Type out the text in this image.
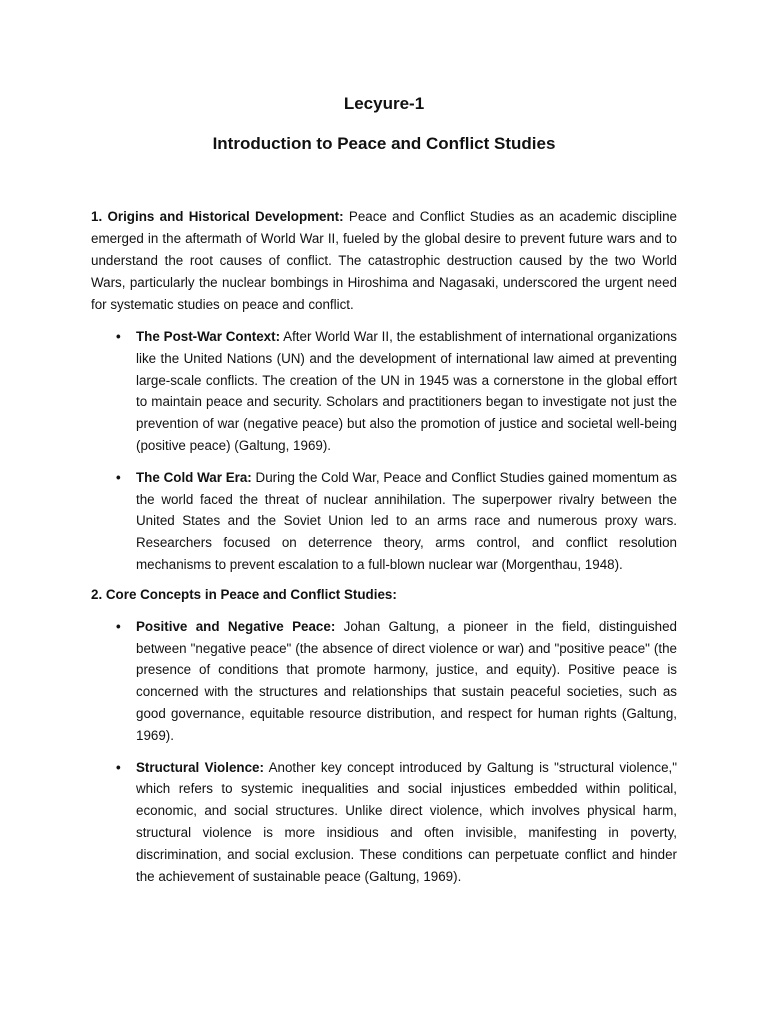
Lecyure-1
Introduction to Peace and Conflict Studies

1. Origins and Historical Development: Peace and Conflict Studies as an academic discipline emerged in the aftermath of World War II, fueled by the global desire to prevent future wars and to understand the root causes of conflict. The catastrophic destruction caused by the two World Wars, particularly the nuclear bombings in Hiroshima and Nagasaki, underscored the urgent need for systematic studies on peace and conflict.

• The Post-War Context: After World War II, the establishment of international organizations like the United Nations (UN) and the development of international law aimed at preventing large-scale conflicts. The creation of the UN in 1945 was a cornerstone in the global effort to maintain peace and security. Scholars and practitioners began to investigate not just the prevention of war (negative peace) but also the promotion of justice and societal well-being (positive peace) (Galtung, 1969).
• The Cold War Era: During the Cold War, Peace and Conflict Studies gained momentum as the world faced the threat of nuclear annihilation. The superpower rivalry between the United States and the Soviet Union led to an arms race and numerous proxy wars. Researchers focused on deterrence theory, arms control, and conflict resolution mechanisms to prevent escalation to a full-blown nuclear war (Morgenthau, 1948).

2. Core Concepts in Peace and Conflict Studies:

• Positive and Negative Peace: Johan Galtung, a pioneer in the field, distinguished between "negative peace" (the absence of direct violence or war) and "positive peace" (the presence of conditions that promote harmony, justice, and equity). Positive peace is concerned with the structures and relationships that sustain peaceful societies, such as good governance, equitable resource distribution, and respect for human rights (Galtung, 1969).
• Structural Violence: Another key concept introduced by Galtung is "structural violence," which refers to systemic inequalities and social injustices embedded within political, economic, and social structures. Unlike direct violence, which involves physical harm, structural violence is more insidious and often invisible, manifesting in poverty, discrimination, and social exclusion. These conditions can perpetuate conflict and hinder the achievement of sustainable peace (Galtung, 1969).
